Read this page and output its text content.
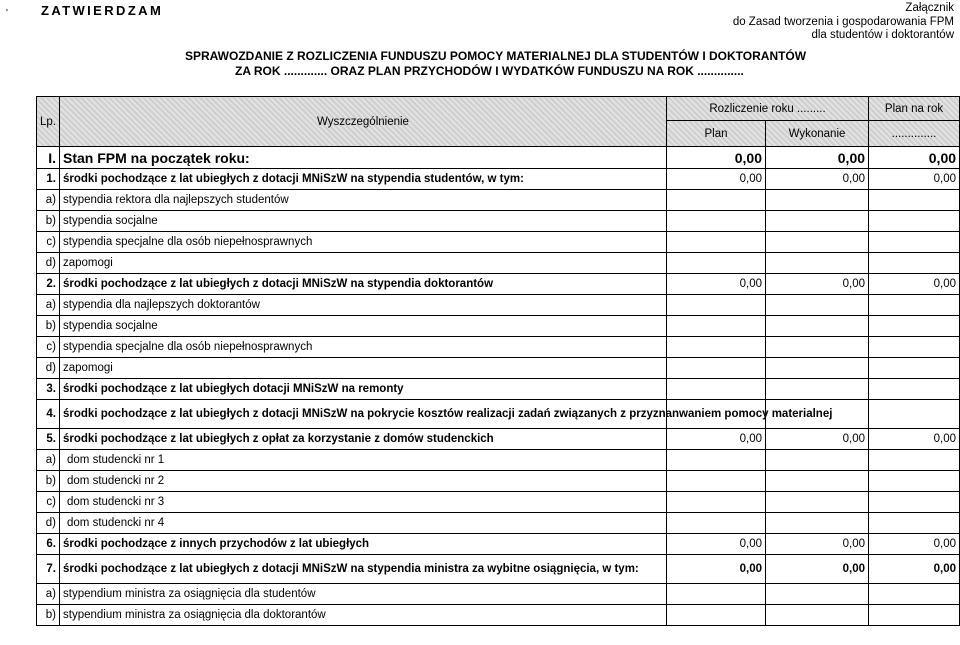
'	ZATWIERDZAM	Załącznik
do Zasad tworzenia i gospodarowania FPM
dla studentów i doktorantów
SPRAWOZDANIE Z ROZLICZENIA FUNDUSZU POMOCY MATERIALNEJ DLA STUDENTÓW I DOKTORANTÓW
ZA ROK ............. ORAZ PLAN PRZYCHODÓW I WYDATKÓW FUNDUSZU NA ROK ..............
Lp.	Wyszczególnienie	Rozliczenie roku .........		Plan na rok
		Plan	Wykonanie	..............
I.	Stan FPM na początek roku:	0,00	0,00	0,00
1.	środki pochodzące z lat ubiegłych z dotacji MNiSzW na stypendia studentów, w tym:	0,00	0,00	0,00
a)	stypendia rektora dla najlepszych studentów			
b)	stypendia socjalne			
c)	stypendia specjalne dla osób niepełnosprawnych			
d)	zapomogi			
2.	środki pochodzące z lat ubiegłych z dotacji MNiSzW na stypendia doktorantów	0,00	0,00	0,00
a)	stypendia dla najlepszych doktorantów			
b)	stypendia socjalne			
c)	stypendia specjalne dla osób niepełnosprawnych			
d)	zapomogi			
3.	środki pochodzące z lat ubiegłych dotacji MNiSzW na remonty			
4.	środki pochodzące z lat ubiegłych z dotacji MNiSzW na pokrycie kosztów realizacji zadań związanych z przyznanwaniem pomocy materialnej			
5.	środki pochodzące z lat ubiegłych z opłat za korzystanie z domów studenckich	0,00	0,00	0,00
a)	dom studencki nr 1			
b)	dom studencki nr 2			
c)	dom studencki nr 3			
d)	dom studencki nr 4			
6.	środki pochodzące z innych przychodów z lat ubiegłych	0,00	0,00	0,00
7.	środki pochodzące z lat ubiegłych z dotacji MNiSzW na stypendia ministra za wybitne osiągnięcia, w tym:	0,00	0,00	0,00
a)	stypendium ministra za osiągnięcia dla studentów			
b)	stypendium ministra za osiągnięcia dla doktorantów			
